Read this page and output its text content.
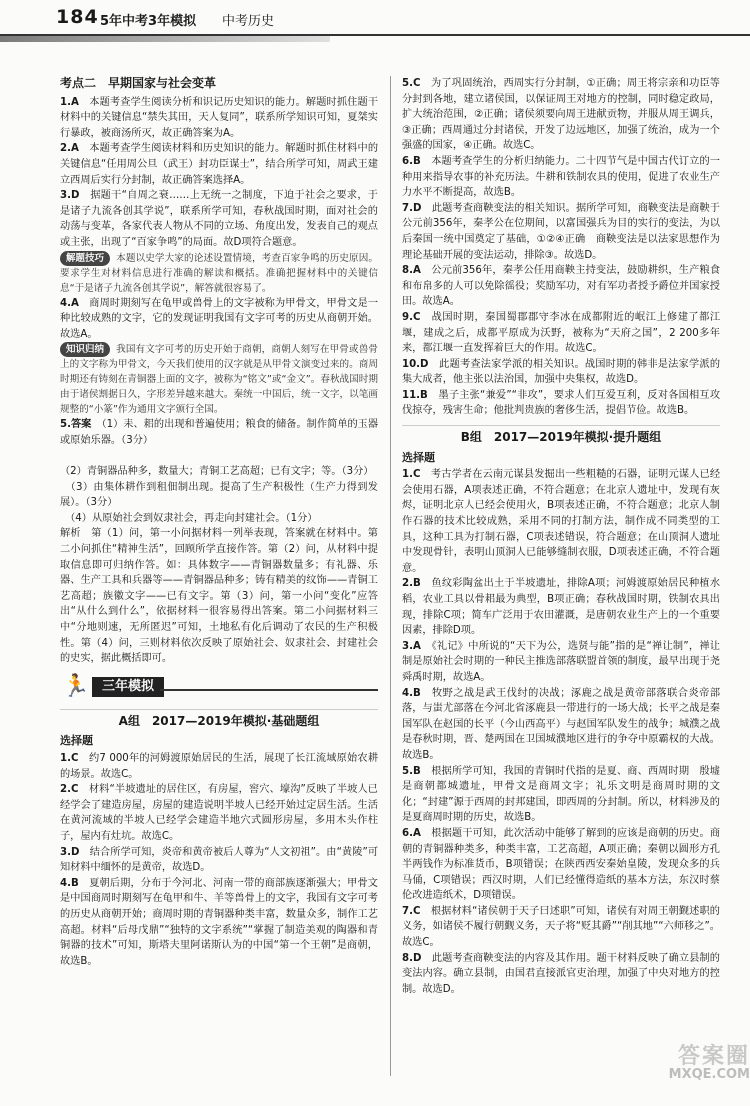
184 5年中考3年模拟 中考历史

考点二　早期国家与社会变革

1.A　 本题考查学生阅读分析和识记历史知识的能力。解题时抓住题干材料中的关键信息“禁失其田，天人复同”，联系所学知识可知，夏桀实行暴政，被商汤所灭，故正确答案为A。

2.A　 本题考查学生阅读材料和历史知识的能力。解题时抓住材料中的关键信息“任用周公旦（武王）封功臣谋士”，结合所学可知，周武王建立西周后实行分封制，故正确答案选择A。

3.D　 据题干“自周之衰……上无统一之制度，下迫于社会之要求，于是诸子九流各创其学说”，联系所学可知，春秋战国时期，面对社会的动荡与变革，各家代表人物从不同的立场、角度出发，发表自己的观点或主张，出现了“百家争鸣”的局面。故D项符合题意。

解题技巧 本题以史学大家的论述设置情境，考查百家争鸣的历史原因。要求学生对材料信息进行准确的解读和概括。准确把握材料中的关键信息“于是诸子九流各创其学说”，解答就很容易了。

4.A　 商周时期刻写在龟甲或兽骨上的文字被称为甲骨文，甲骨文是一种比较成熟的文字，它的发现证明我国有文字可考的历史从商朝开始。故选A。

知识归纳 我国有文字可考的历史开始于商朝，商朝人刻写在甲骨或兽骨上的文字称为甲骨文，今天我们使用的汉字就是从甲骨文演变过来的。商周时期还有铸刻在青铜器上面的文字，被称为“铭文”或“金文”。春秋战国时期由于诸侯割据日久，字形差异越来越大。秦统一中国后，统一文字，以笔画规整的“小篆”作为通用文字颁行全国。

5.答案　 （1）耒、耜的出现和普遍使用；粮食的储备。制作简单的玉器或原始乐器。（3分）

　（2）青铜器品种多，数量大；青铜工艺高超；已有文字；等。（3分）

　（3）由集体耕作到租佃制出现。提高了生产积极性（生产力得到发展）。（3分）

　（4）从原始社会到奴隶社会，再走向封建社会。（1分）

解析　第（1）问，第一小问据材料一列举表现，答案就在材料中。第二小问抓住“精神生活”，回顾所学直接作答。第（2）问，从材料中提取信息即可归纳作答。如：具体数字——青铜器数量多；有礼器、乐器、生产工具和兵器等——青铜器品种多；铸有精美的纹饰——青铜工艺高超；族徽文字——已有文字。第（3）问，第一小问“变化”应答出“从什么到什么”，依据材料一很容易得出答案。第二小问据材料三中“分地则速，无所匿迟”可知，土地私有化后调动了农民的生产积极性。第（4）问，三则材料依次反映了原始社会、奴隶社会、封建社会的史实，据此概括即可。

🏃 三年模拟

A组　2017—2019年模拟·基础题组

选择题

1.C　 约7 000年的河姆渡原始居民的生活，展现了长江流域原始农耕的场景。故选C。

2.C　 材料“半坡遗址的居住区，有房屋，窖穴、壕沟”反映了半坡人已经学会了建造房屋，房屋的建造说明半坡人已经开始过定居生活。生活在黄河流域的半坡人已经学会建造半地穴式圆形房屋，多用木头作柱子，屋内有灶坑。故选C。

3.D　 结合所学可知，炎帝和黄帝被后人尊为“人文初祖”。由“黄陵”可知材料中缅怀的是黄帝，故选D。

4.B　 夏朝后期，分布于今河北、河南一带的商部族逐渐强大；甲骨文是中国商周时期刻写在龟甲和牛、羊等兽骨上的文字，我国有文字可考的历史从商朝开始；商周时期的青铜器种类丰富，数量众多，制作工艺高超。材料“后母戊鼎”“独特的文字系统”“掌握了制造美观的陶器和青铜器的技术”可知，斯塔夫里阿诺斯认为的中国“第一个王朝”是商朝，故选B。

5.C　 为了巩固统治，西周实行分封制，①正确；周王将宗亲和功臣等分封到各地，建立诸侯国，以保证周王对地方的控制，同时稳定政局，扩大统治范围，②正确；诸侯须要向周王进献贡物，并服从周王调兵，③正确；西周通过分封诸侯，开发了边远地区，加强了统治，成为一个强盛的国家，④正确。故选C。

6.B　 本题考查学生的分析归纳能力。二十四节气是中国古代订立的一种用来指导农事的补充历法。牛耕和铁制农具的使用，促进了农业生产力水平不断提高，故选B。

7.D　 此题考查商鞅变法的相关知识。据所学可知，商鞅变法是商鞅于公元前356年，秦孝公在位期间，以富国强兵为目的实行的变法，为以后秦国一统中国奠定了基础，①②④正确　商鞅变法是以法家思想作为理论基础开展的变法运动，排除③。故选D。

8.A　 公元前356年，秦孝公任用商鞅主持变法，鼓励耕织，生产粮食和布帛多的人可以免除徭役；奖励军功，对有军功者授予爵位并国家授田。故选A。

9.C　 战国时期，秦国蜀郡郡守李冰在成都附近的岷江上修建了都江堰，建成之后，成都平原成为沃野，被称为“天府之国”，2 200多年来，都江堰一直发挥着巨大的作用。故选C。

10.D　 此题考查法家学派的相关知识。战国时期的韩非是法家学派的集大成者，他主张以法治国，加强中央集权，故选D。

11.B　 墨子主张“兼爱”“非攻”，要求人们互爱互利，反对各国相互攻伐掠夺，残害生命；他批判贵族的奢侈生活，提倡节俭。故选B。

B组　2017—2019年模拟·提升题组

选择题

1.C　 考古学者在云南元谋县发掘出一些粗糙的石器，证明元谋人已经会使用石器，A项表述正确，不符合题意；在北京人遗址中，发现有灰烬，证明北京人已经会使用火，B项表述正确，不符合题意；北京人制作石器的技术比较成熟，采用不同的打制方法，制作成不同类型的工具，这种工具为打制石器，C项表述错误，符合题意；在山顶洞人遗址中发现骨针，表明山顶洞人已能够缝制衣服，D项表述正确，不符合题意。

2.B　 鱼纹彩陶盆出土于半坡遗址，排除A项；河姆渡原始居民种植水稻，农业工具以骨耜最为典型，B项正确；春秋战国时期，铁制农具出现，排除C项；简车广泛用于农田灌溉，是唐朝农业生产上的一个重要因素，排除D项。

3.A　 《礼记》中所说的“天下为公，选贤与能”指的是“禅让制”，禅让制是原始社会时期的一种民主推选部落联盟首领的制度，最早出现于尧舜禹时期，故选A。

4.B　 牧野之战是武王伐纣的决战；涿鹿之战是黄帝部落联合炎帝部落，与蚩尤部落在今河北省涿鹿县一带进行的一场大战；长平之战是秦国军队在赵国的长平（今山西高平）与赵国军队发生的战争；城濮之战是春秋时期，晋、楚两国在卫国城濮地区进行的争夺中原霸权的大战。故选B。

5.B　 根据所学可知，我国的青铜时代指的是夏、商、西周时期　殷墟是商朝都城遗址，甲骨文是商周文字；礼乐文明是商周时期的文化；“封建”源于西周的封邦建国，即西周的分封制。所以，材料涉及的是夏商周时期的历史，故选B。

6.A　 根据题干可知，此次活动中能够了解到的应该是商朝的历史。商朝的青铜器种类多，种类丰富，工艺高超，A项正确；秦朝以圆形方孔半两钱作为标准货币，B项错误；在陕西西安秦始皇陵，发现众多的兵马俑，C项错误；西汉时期，人们已经懂得造纸的基本方法，东汉时蔡伦改进造纸术，D项错误。

7.C　 根据材料“诸侯朝于天子曰述职”可知，诸侯有对周王朝觐述职的义务，如诸侯不履行朝觐义务，天子将“贬其爵”“削其地”“六师移之”。故选C。

8.D　 此题考查商鞅变法的内容及其作用。题干材料反映了确立县制的变法内容。确立县制，由国君直接派官吏治理，加强了中央对地方的控制。故选D。

答案圈
MXQE.COM
